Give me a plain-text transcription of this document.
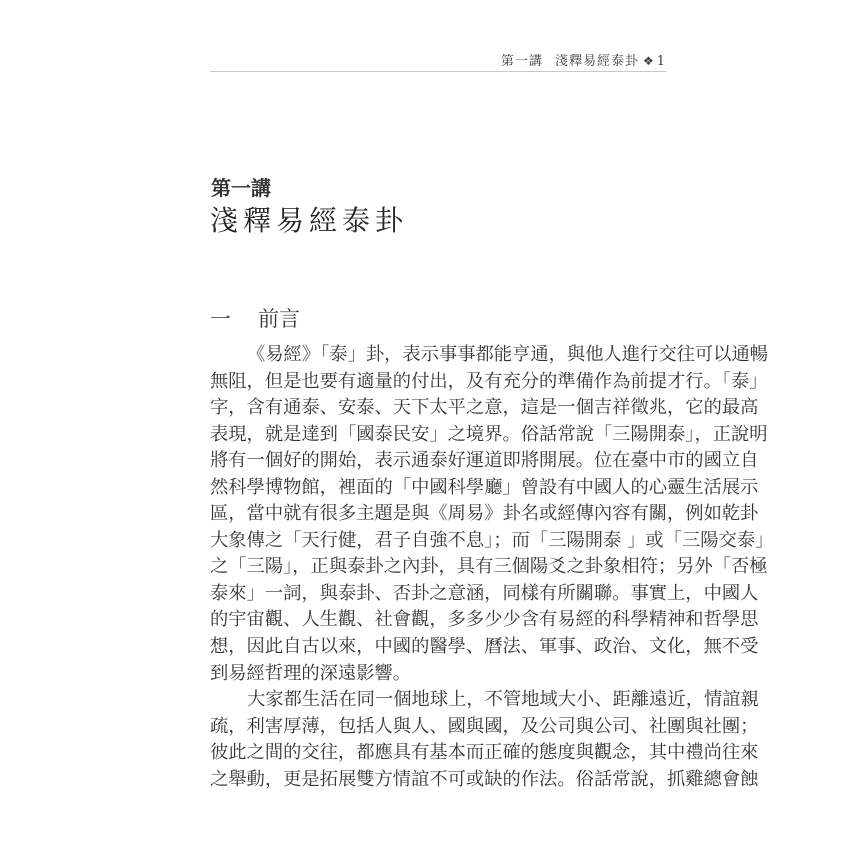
第一講 淺釋易經泰卦 ❖ 1
第一講
淺釋易經泰卦
一 前言
《易經》「泰」卦，表示事事都能亨通，與他人進行交往可以通暢
無阻，但是也要有適量的付出，及有充分的準備作為前提才行。「泰」
字，含有通泰、安泰、天下太平之意，這是一個吉祥徵兆，它的最高
表現，就是達到「國泰民安」之境界。俗話常說「三陽開泰」，正說明
將有一個好的開始，表示通泰好運道即將開展。位在臺中市的國立自
然科學博物館，裡面的「中國科學廳」曾設有中國人的心靈生活展示
區，當中就有很多主題是與《周易》卦名或經傳內容有關，例如乾卦
大象傳之「天行健，君子自強不息」；而「三陽開泰 」或「三陽交泰」
之「三陽」，正與泰卦之內卦，具有三個陽爻之卦象相符；另外「否極
泰來」一詞，與泰卦、否卦之意涵，同樣有所關聯。事實上，中國人
的宇宙觀、人生觀、社會觀，多多少少含有易經的科學精神和哲學思
想，因此自古以來，中國的醫學、曆法、軍事、政治、文化，無不受
到易經哲理的深遠影響。
大家都生活在同一個地球上，不管地域大小、距離遠近，情誼親
疏，利害厚薄，包括人與人、國與國，及公司與公司、社團與社團；
彼此之間的交往，都應具有基本而正確的態度與觀念，其中禮尚往來
之舉動，更是拓展雙方情誼不可或缺的作法。俗話常說，抓雞總會蝕
